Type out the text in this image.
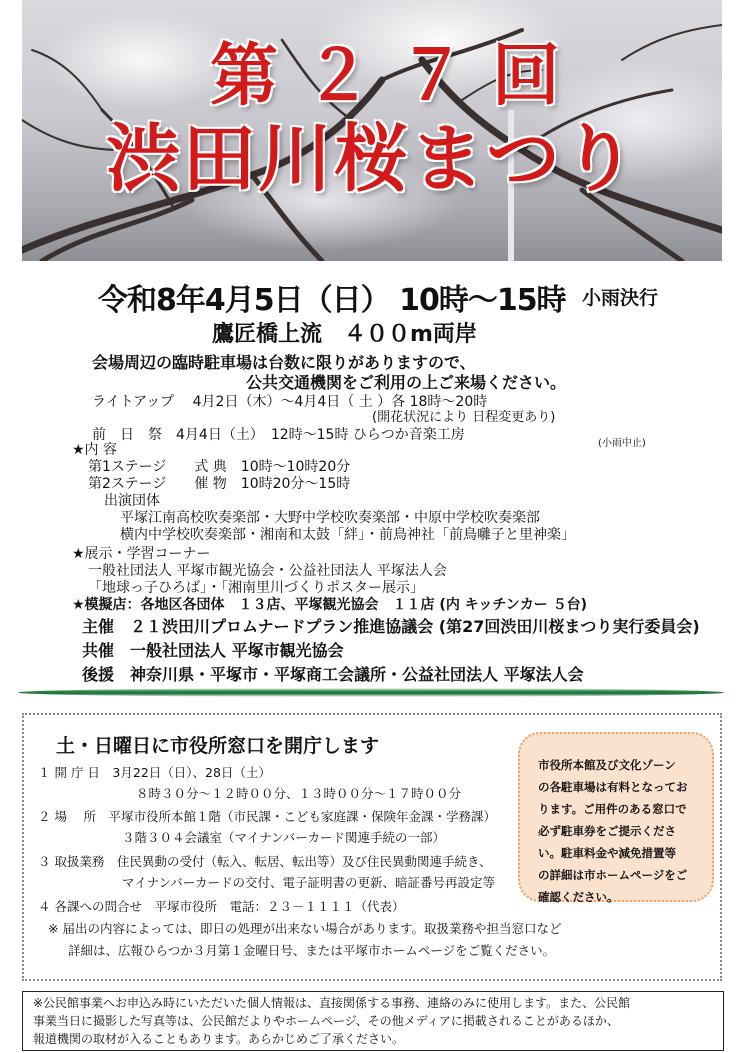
第２７回
渋田川桜まつり
令和8年4月5日（日） 10時～15時 小雨決行
鷹匠橋上流　４００m両岸
会場周辺の臨時駐車場は台数に限りがありますので、
公共交通機関をご利用の上ご来場ください。
ライトアップ　 4月2日（木）～4月4日（ 土 ）各 18時～20時
(開花状況により 日程変更あり)
前　日　祭　4月4日（土）　12時～15時 ひらつか音楽工房
(小雨中止)
★内 容
第1ステージ　　式 典　10時～10時20分
第2ステージ　　催 物　10時20分～15時
出演団体
平塚江南高校吹奏楽部・大野中学校吹奏楽部・中原中学校吹奏楽部
横内中学校吹奏楽部・湘南和太鼓「絆」・前鳥神社「前鳥囃子と里神楽」
★展示・学習コーナー
一般社団法人 平塚市観光協会・公益社団法人 平塚法人会
「地球っ子ひろば」・「湘南里川づくりポスター展示」
★模擬店：各地区各団体　１３店、平塚観光協会　１１店 (内 キッチンカー ５台)
主催　２１渋田川プロムナードプラン推進協議会 (第27回渋田川桜まつり実行委員会)
共催　一般社団法人 平塚市観光協会
後援　神奈川県・平塚市・平塚商工会議所・公益社団法人 平塚法人会
土・日曜日に市役所窓口を開庁します
１ 開 庁 日　3月22日（日）、28日（土）
８時３０分～１２時００分、１３時００分～１７時００分
２ 場　 所　平塚市役所本館１階（市民課・こども家庭課・保険年金課・学務課）
３階３０４会議室（マイナンバーカード関連手続の一部）
３ 取扱業務　住民異動の受付（転入、転居、転出等）及び住民異動関連手続き、
マイナンバーカードの交付、電子証明書の更新、暗証番号再設定等
４ 各課への問合せ　平塚市役所　電話：２３－１１１１（代表）
※ 届出の内容によっては、即日の処理が出来ない場合があります。取扱業務や担当窓口など
詳細は、広報ひらつか３月第１金曜日号、または平塚市ホームページをご覧ください。
市役所本館及び文化ゾーン
の各駐車場は有料となってお
ります。ご用件のある窓口で
必ず駐車券をご提示くださ
い。駐車料金や減免措置等
の詳細は市ホームページをご
確認ください。
※公民館事業へお申込み時にいただいた個人情報は、直接関係する事務、連絡のみに使用します。また、公民館
事業当日に撮影した写真等は、公民館だよりやホームページ、その他メディアに掲載されることがあるほか、
報道機関の取材が入ることもあります。あらかじめご了承ください。
